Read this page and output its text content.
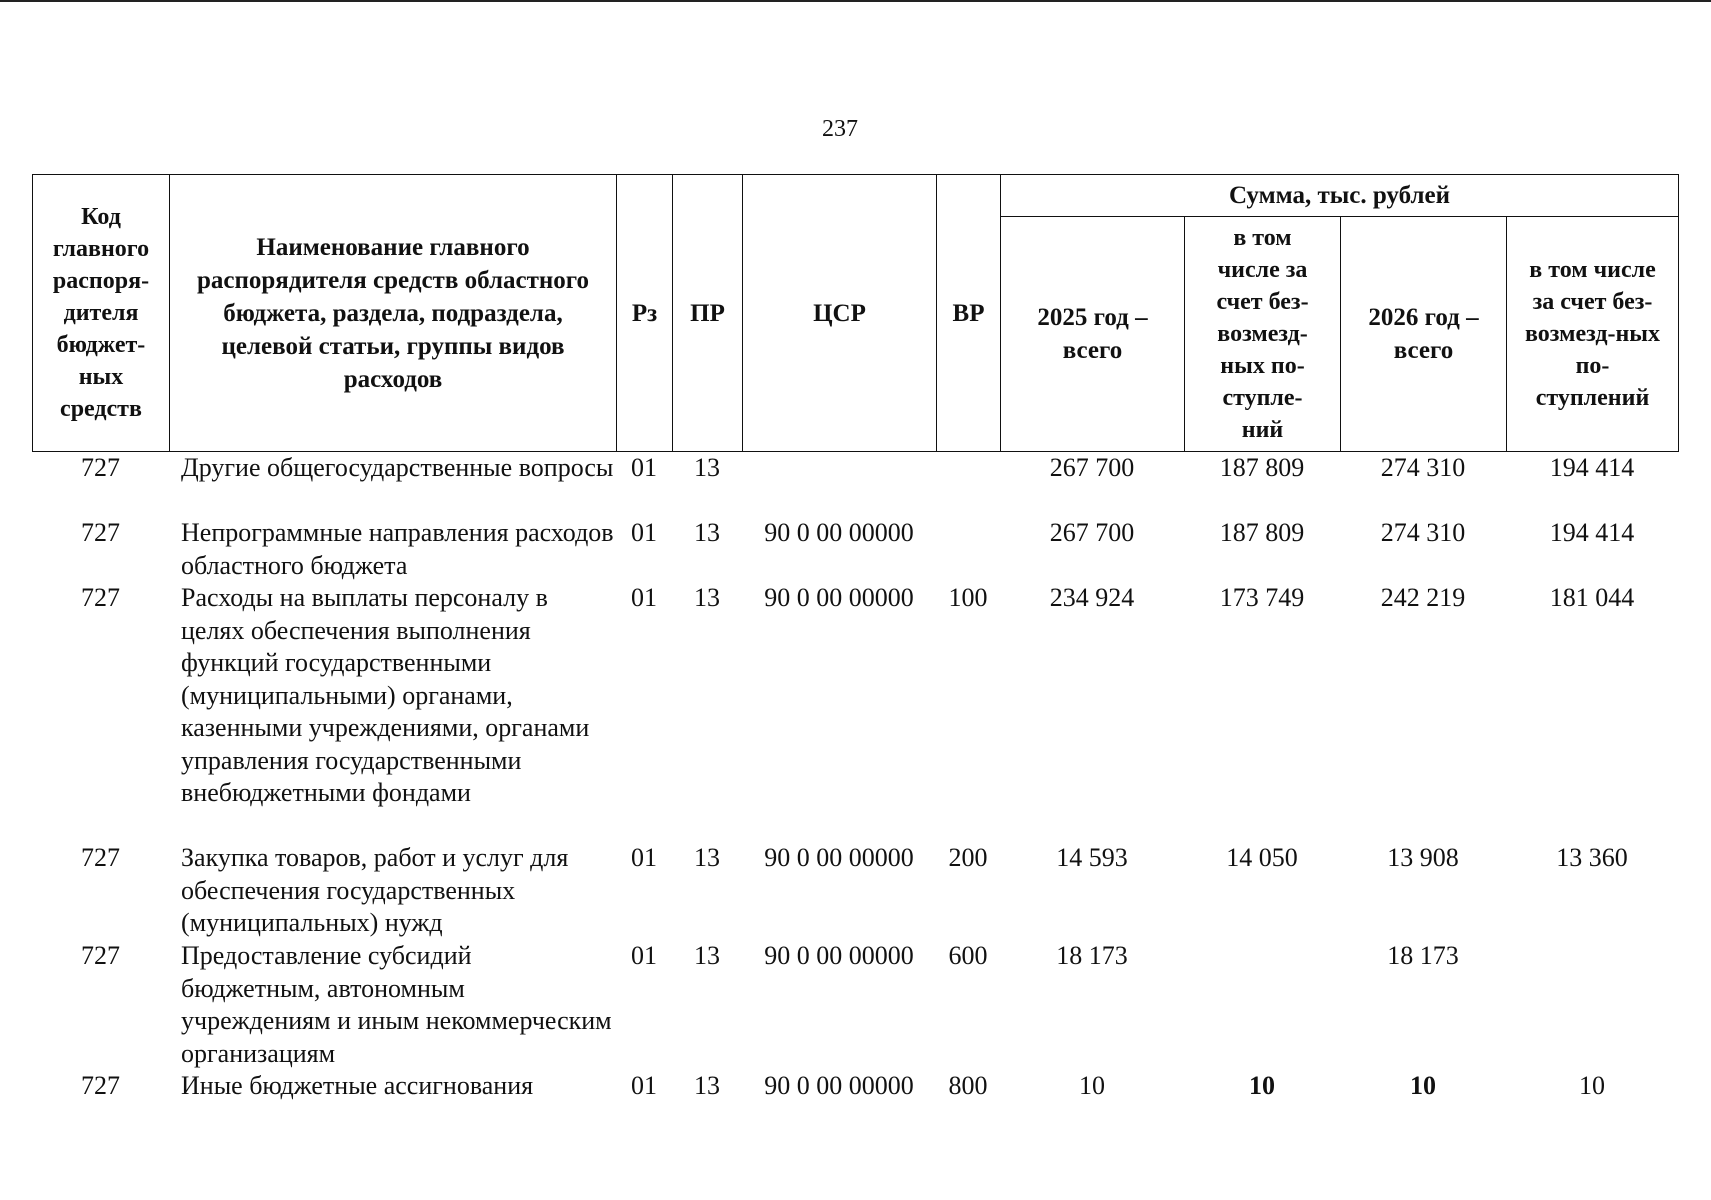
237
Код главного распоря-дителя бюджет-ных средств	Наименование главного распорядителя средств областного бюджета, раздела, подраздела, целевой статьи, группы видов расходов	Рз	ПР	ЦСР	ВР	Сумма, тыс. рублей			
						2025 год – всего	в том числе за счет без-возмезд-ных по-ступле-ний	2026 год – всего	в том числе за счет без-возмезд-ных по-ступлений
727	Другие общегосударственные вопросы	01	13			267 700	187 809	274 310	194 414
727	Непрограммные направления расходов областного бюджета	01	13	90 0 00 00000		267 700	187 809	274 310	194 414
727	Расходы на выплаты персоналу в целях обеспечения выполнения функций государственными (муниципальными) органами, казенными учреждениями, органами управления государственными внебюджетными фондами	01	13	90 0 00 00000	100	234 924	173 749	242 219	181 044
727	Закупка товаров, работ и услуг для обеспечения государственных (муниципальных) нужд	01	13	90 0 00 00000	200	14 593	14 050	13 908	13 360
727	Предоставление субсидий бюджетным, автономным учреждениям и иным некоммерческим организациям	01	13	90 0 00 00000	600	18 173		18 173	
727	Иные бюджетные ассигнования	01	13	90 0 00 00000	800	10	10	10	10
